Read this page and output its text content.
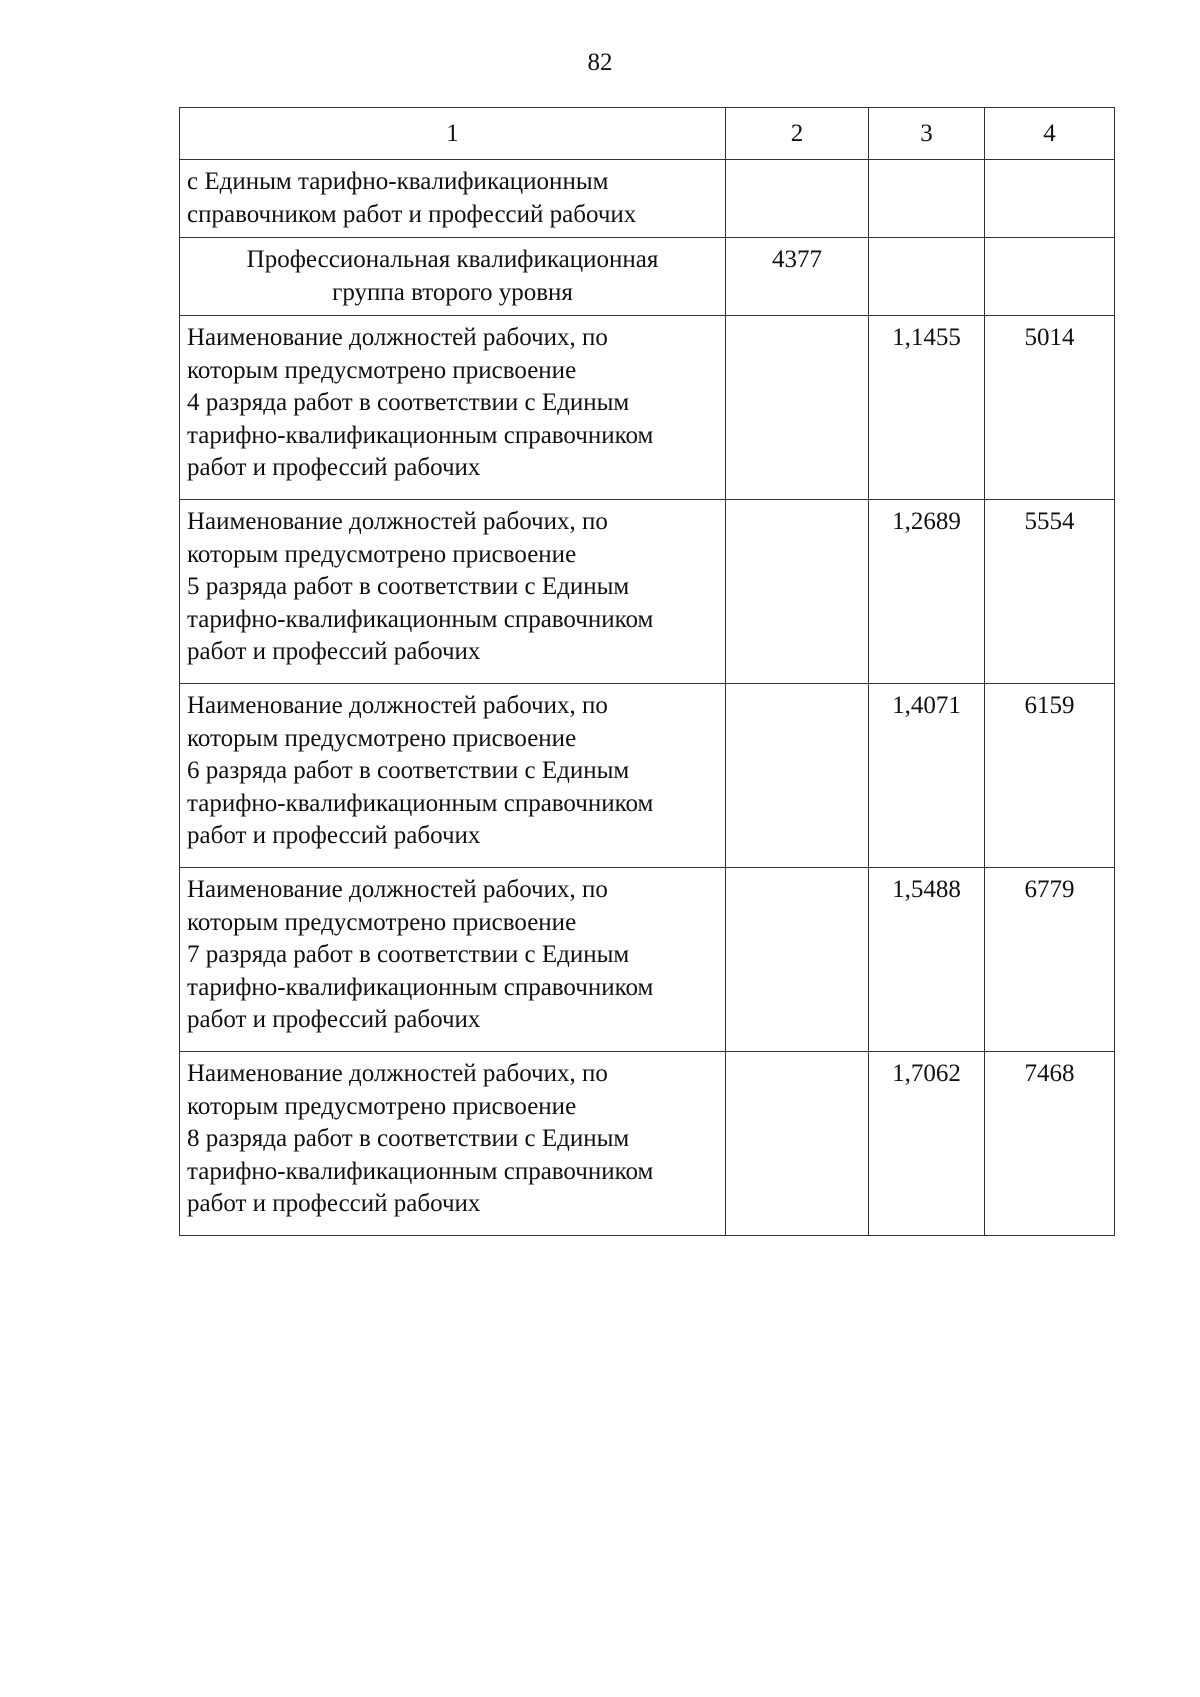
82
1	2	3	4
с Единым тарифно-квалификационным
справочником работ и профессий рабочих			
Профессиональная квалификационная
группа второго уровня	4377		
Наименование должностей рабочих, по
которым предусмотрено присвоение
4 разряда работ в соответствии с Единым
тарифно-квалификационным справочником
работ и профессий рабочих		1,1455	5014
Наименование должностей рабочих, по
которым предусмотрено присвоение
5 разряда работ в соответствии с Единым
тарифно-квалификационным справочником
работ и профессий рабочих		1,2689	5554
Наименование должностей рабочих, по
которым предусмотрено присвоение
6 разряда работ в соответствии с Единым
тарифно-квалификационным справочником
работ и профессий рабочих		1,4071	6159
Наименование должностей рабочих, по
которым предусмотрено присвоение
7 разряда работ в соответствии с Единым
тарифно-квалификационным справочником
работ и профессий рабочих		1,5488	6779
Наименование должностей рабочих, по
которым предусмотрено присвоение
8 разряда работ в соответствии с Единым
тарифно-квалификационным справочником
работ и профессий рабочих		1,7062	7468
